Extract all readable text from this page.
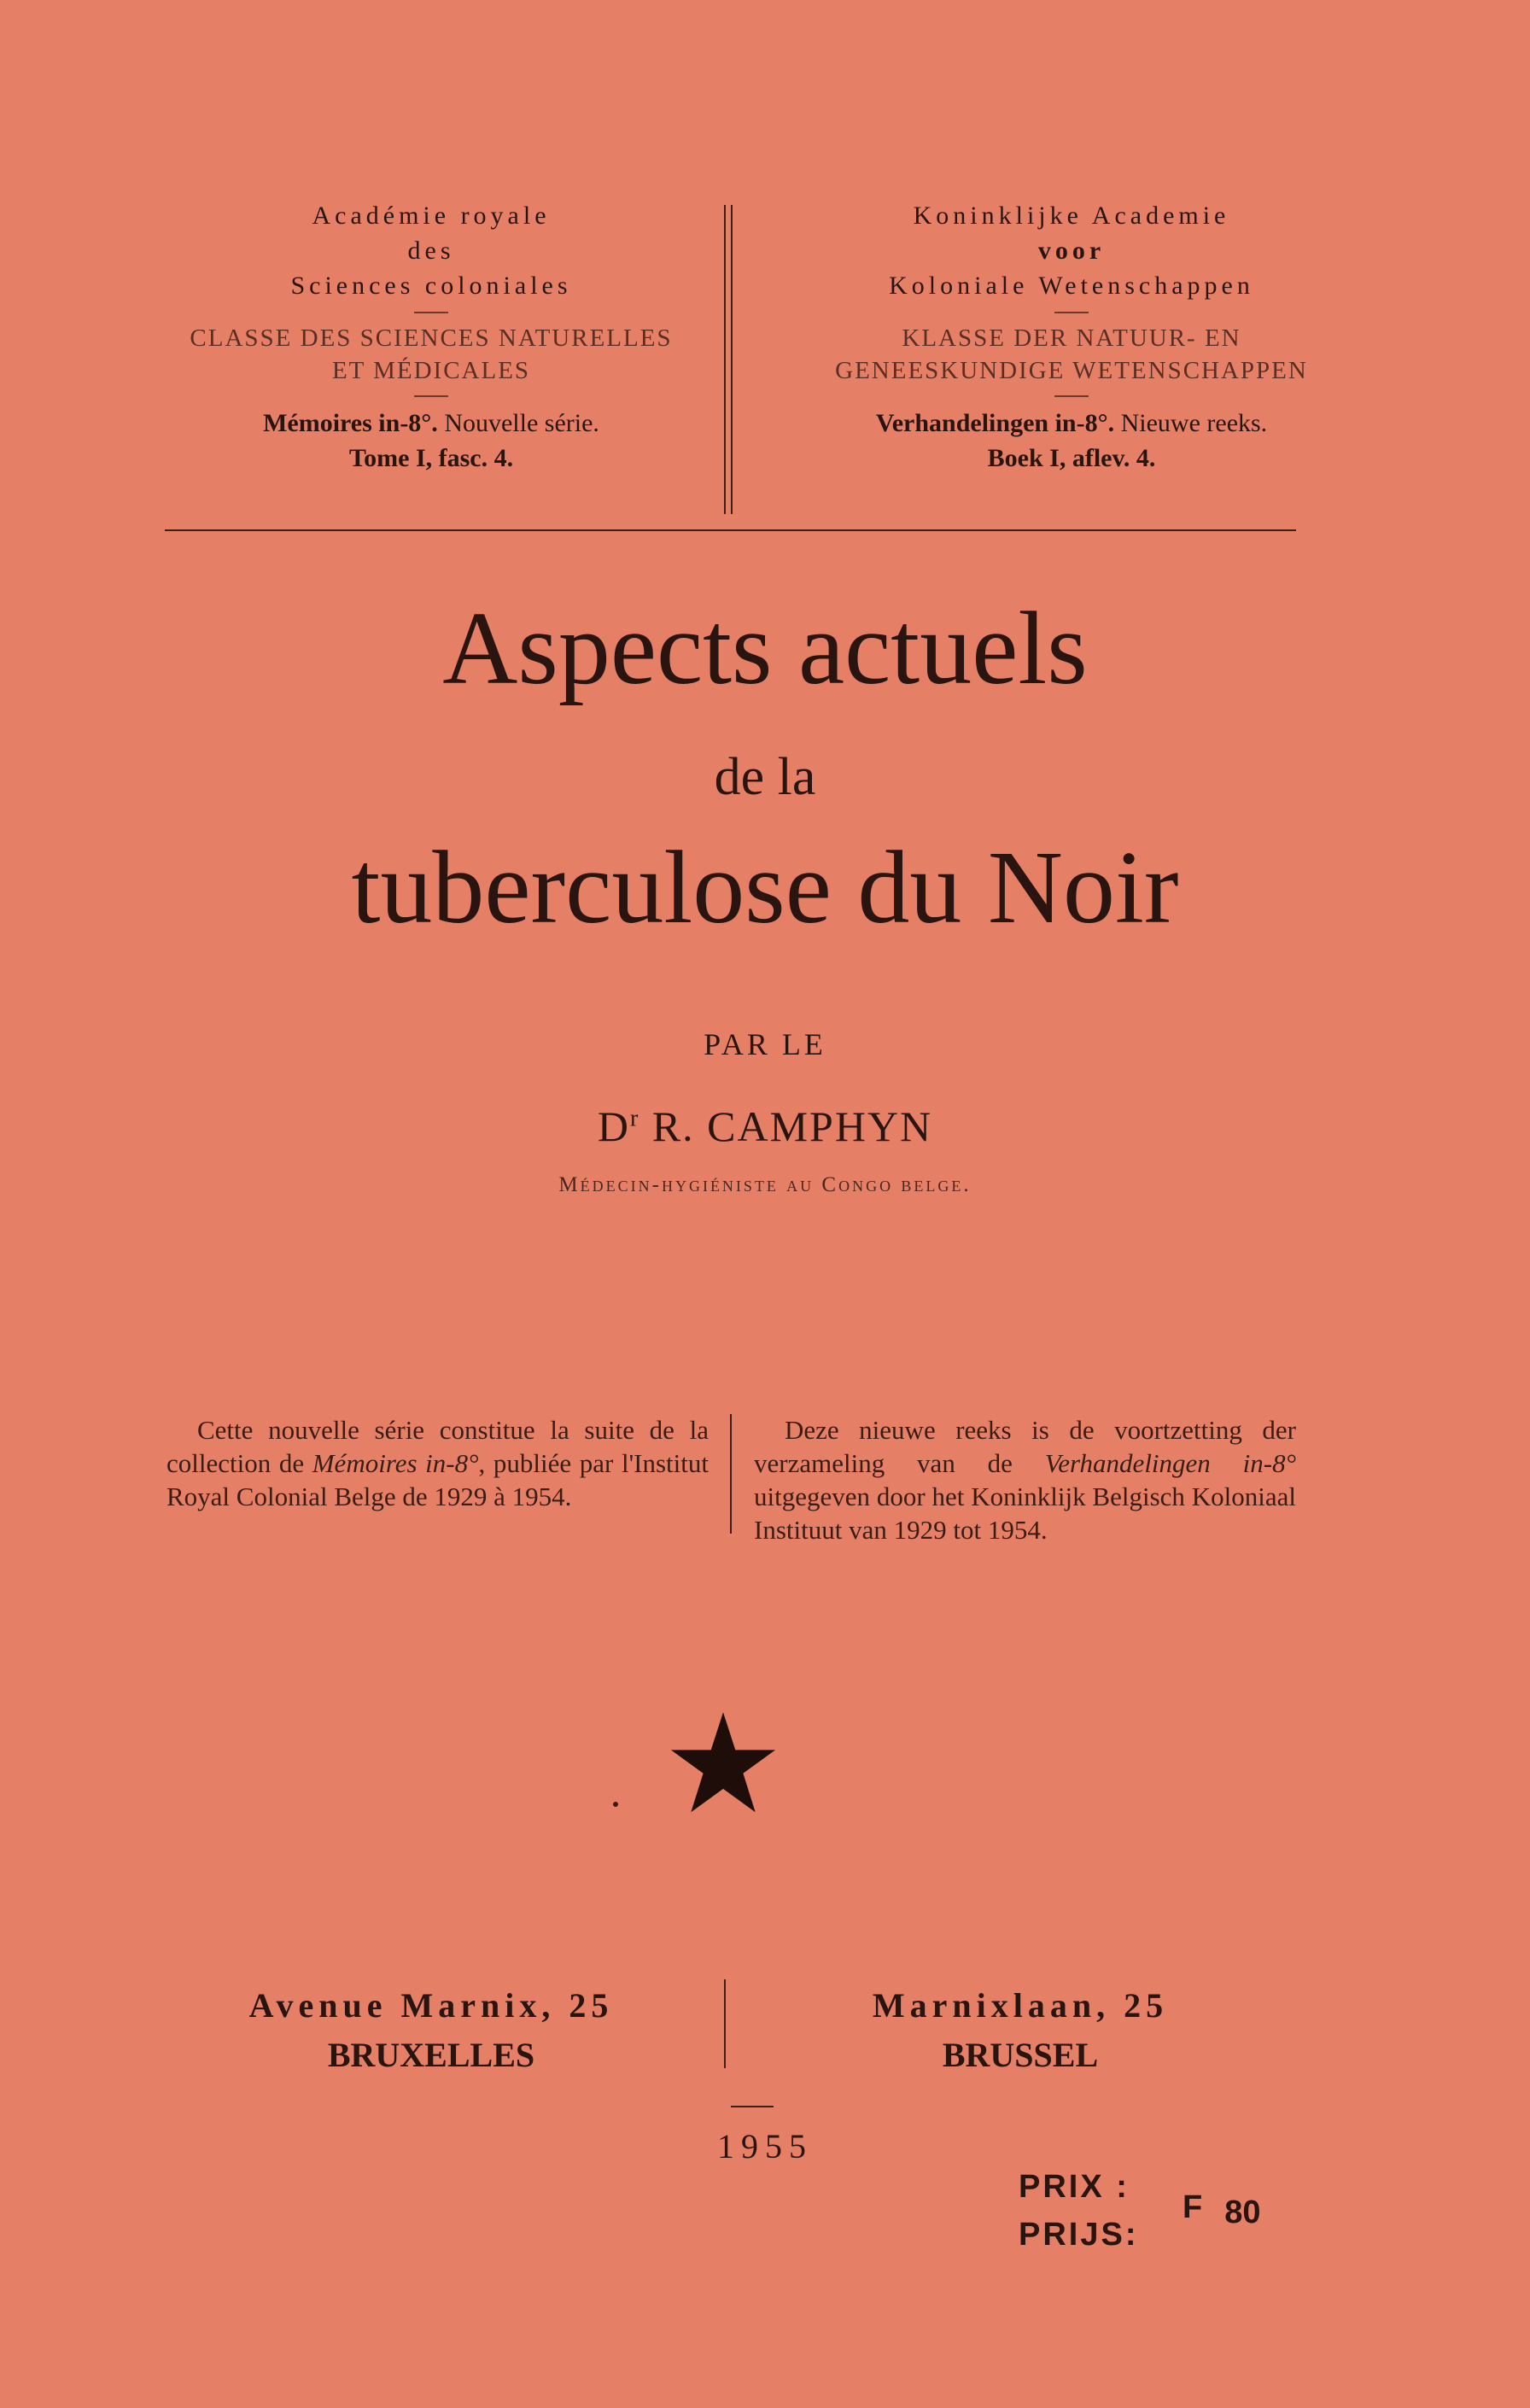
Académie royale
des
Sciences coloniales
CLASSE DES SCIENCES NATURELLES
ET MÉDICALES
Mémoires in-8°. Nouvelle série.
Tome I, fasc. 4.
Koninklijke Academie
voor
Koloniale Wetenschappen
KLASSE DER NATUUR- EN
GENEESKUNDIGE WETENSCHAPPEN
Verhandelingen in-8°. Nieuwe reeks.
Boek I, aflev. 4.
Aspects actuels
de la
tuberculose du Noir
PAR LE
$D^r$ R. CAMPHYN
Médecin-hygiéniste au Congo belge.
Cette nouvelle série constitue la suite de la collection de Mémoires in-8°, publiée par l'Institut Royal Colonial Belge de 1929 à 1954.
Deze nieuwe reeks is de voortzetting der verzameling van de Verhandelingen in-8° uitgegeven door het Koninklijk Belgisch Koloniaal Instituut van 1929 tot 1954.
Avenue Marnix, 25
BRUXELLES
Marnixlaan, 25
BRUSSEL
1955
PRIX :
PRIJS:
F 80
